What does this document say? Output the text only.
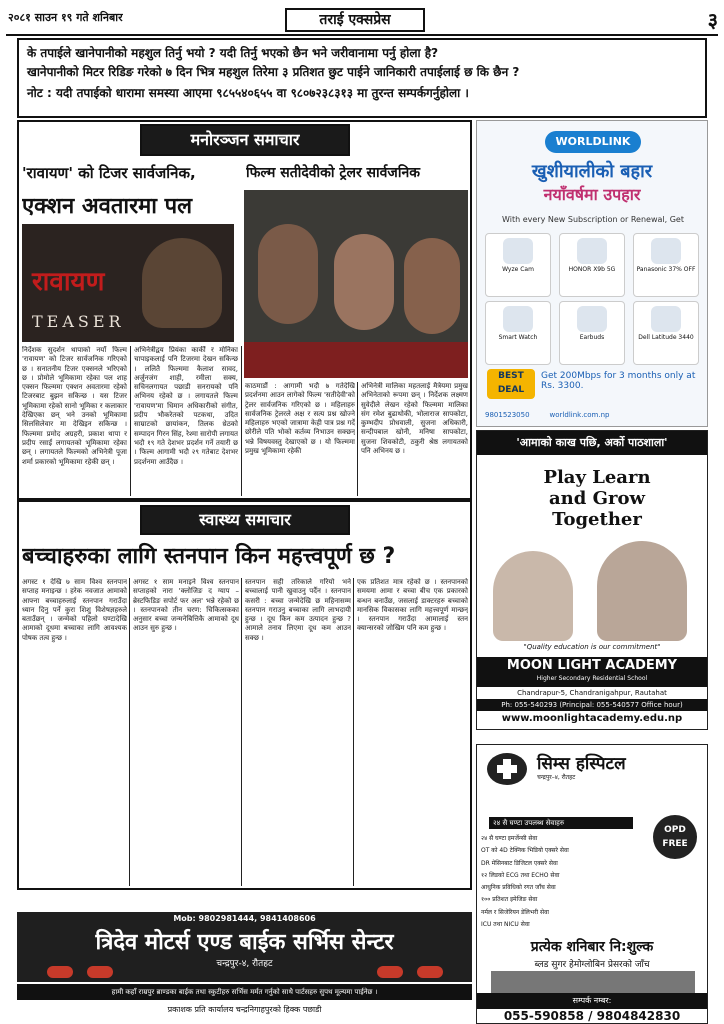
२०८१ साउन १९ गते शनिबार	तराई एक्सप्रेस	३

के तपाईले खानेपानीको महशुल तिर्नु भयो ? यदी तिर्नु भएको छैन भने जरीवानामा पर्नु होला है?

खानेपानीको मिटर रिडिङ गरेको ७ दिन भित्र महशुल तिरेमा ३ प्रतिशत छुट पाईने जानिकारी तपाईलाई छ कि छैन ?

नोट : यदी तपाईको धारामा समस्या आएमा ९८५५४०६५५ वा ९८०७२३८३१३ मा तुरन्त सम्पर्कगर्नुहोला ।

मनोरञ्जन समाचार
'रावायण' को टिजर सार्वजनिक,	फिल्म सतीदेवीको ट्रेलर सार्वजनिक
एक्शन अवतारमा पल
रावायण
TEASER

निर्देशक सुदर्शन थापाको नयाँ फिल्म 'रावायण' को टिजर सार्वजनिक गरिएको छ । सनातनीय टिजर एक्सनले भरिएको छ । प्रोमोले भूमिकामा रहेका पल शाह एक्सन फिल्ममा एक्शन अवतारमा रहेको टिजरबाट बुझन सकिन्छ । यस टिजर भूमिकामा रहेको सानो भूमिका र कलाकार देखिएका छन् भने उनको भूमिकामा सिलसिलेवार मा देखिइन सकिन्छ । फिल्ममा प्रमोद अग्रहरी, प्रकाश थापा र प्रदीप रसाईं लगायतको भूमिकामा रहेका छन् । लगायतले फिल्मको अभिनेत्री पूजा शर्मा प्रकारको भूमिकामा रहेकी छन् ।

अभिनेत्रीद्वय प्रियंका कार्की र मोनिका चापाइकलाई पनि टिजरमा देखन सकिन्छ । ललितै फिल्ममा कैलाश सावद, अर्जुनजंग शाही, रमीला सक्य, सचिनलगायत पछाडी सनरायको पनि अभिनय रहेको छ । लगायतले फिल्म 'रावायण'मा धिमान अधिकारीको संगीत, प्रदीप भौकरेतको पटकथा, उदित साम्राटको छायांकन, तिलक थ्रेठको सम्पादन गिरन सिंह, रेश्मा सारोपी लगायत भदौ १९ गते देशभर प्रदर्शन गर्ने तयारी छ । फिल्म आगामी भदौ २९ गतेबाट देशभर प्रदर्शनमा आउँदैछ ।

काठमाडौं : आगामी भदौ ७ गतेदेखि प्रदर्शनमा आउन लागेको फिल्म 'सतीदेवी'को ट्रेलर सार्वजनिक गरिएको छ । महिलाहरु सार्वजनिक ट्रेलरले अक्ष र सत्य प्रश्न खोज्ने महिलाहरु भएको जात्रामा केही पात्र प्रश्न गर्दे छोरीले पति भोको कर्तव्य निभाउन सक्छन् भन्ने विषयवस्तु देखाएको छ । यो फिल्ममा प्रमुख भूमिकामा रहेकी

अभिनेत्री मालिका महतलाई मैत्रेयमा प्रमुख अभिनेताको रूपमा छन् । निर्देशक लक्ष्मण सुवेदीले लेखन रहेको फिल्ममा मालिका संग रमेश बुढाथोकी, भोलाराज सापकोटा, कुम्भदीप प्रोधवाली, सुजना अधिकारी, सन्दीपबाल खोनी, मनिषा सापकोटा, सुजना शिवकोटी, ठकुरी श्रेष्ठ लगायतको पनि अभिनय छ ।

स्वास्थ्य समाचार
बच्चाहरुका लागि स्तनपान किन महत्त्वपूर्ण छ ?

अगस्ट १ देखि ७ साम विश्व स्तनपान सप्ताह मनाइन्छ । हरेक नवजात आमाको आफ्ना बच्चाहरुलाई स्तनपान गराउँदा ध्यान दिनु पर्ने कुरा शिशु विशेषज्ञहरुले बताउँछन् । जन्मेको पहिलो घण्टादेखि आमाको दूधमा बच्चाका लागि आवश्यक पोषक तत्व हुन्छ ।

अगस्ट १ साम मनाइने विश्व स्तनपान सप्ताहको नारा 'क्लोजिङ द ग्याप – ब्रेस्टफिडिङ सपोर्ट फर अल' भन्ने रहेको छ । स्तनपानको तीन चरण: चिकित्सकका अनुसार बच्चा जन्मनेबित्तिकै आमाको दूध आउन सुरु हुन्छ ।

स्तनपान सही तरिकाले गरियो भने बच्चालाई पानी खुवाउनु पर्दैन । स्तनपान कसरी : बच्चा जन्मेदेखि छ महिनासम्म स्तनपान गराउनु बच्चाका लागि लाभदायी हुन्छ । दूध किन कम उत्पादन हुन्छ ? आमाले तनाव लिएमा दूध कम आउन सक्छ ।

एक प्रतिशत मात्र रहेको छ । स्तनपानको समयमा आमा र बच्चा बीच एक प्रकारको बन्धन बनाउँछ, जसलाई डाक्टरहरु बच्चाको मानसिक विकासका लागि महत्त्वपूर्ण मान्छन् । स्तनपान गराउँदा आमालाई स्तन क्यान्सरको जोखिम पनि कम हुन्छ ।

WORLDLINK
खुशीयालीको बहार
नयाँवर्षमा उपहार
With every New Subscription or Renewal, Get
Wyze Cam	HONOR X9b 5G	Panasonic 37% OFF
Smart Watch	Earbuds	Dell Latitude 3440
BEST DEAL
Get 200Mbps for 3 months only at Rs. 3300.
9801523050	worldlink.com.np
'आमाको काख पछि, अर्को पाठशाला'
Play Learn and Grow Together
"Quality education is our commitment"
MOON LIGHT ACADEMY
Higher Secondary Residential School
Chandrapur-5, Chandranigahpur, Rautahat
Ph: 055-540293 (Principal: 055-540577 Office hour)
www.moonlightacademy.edu.np
सिम्स हस्पिटल
चन्द्रपुर–४, रौतहट
२४ सै घण्टा उपलब्ध सेवाहरु
२४ सै घण्टा इमर्जेन्सी सेवा
OT को 4D टेक्निक भिडियो एक्सरे सेवा
DR मेसिनबाट डिजिटल एक्सरे सेवा
१२ लिडको ECG तथा ECHO सेवा
आधुनिक प्रविधिको रगत जाँच सेवा
१०० प्रतिशत इमेजिङ सेवा
नर्मल र सिजेरियन डेलिभरी सेवा
ICU तथा NICU सेवा
OPD FREE
प्रत्येक शनिबार नि:शुल्क
ब्लड सुगर हेमोग्लोबिन प्रेसरको जाँच
सम्पर्क नम्बर:
055-590858 / 9804842830
Mob: 9802981444, 9841408606
त्रिदेव मोटर्स एण्ड बाईक सर्भिस सेन्टर
चन्द्रपुर-४, रौतहट
हामी कहाँ राम्रपुर ब्राण्डका बाईक तथा स्कुटीहरु सर्भिस मर्मत गर्नुको साथै पार्टसहरु सुपथ मूल्यमा पाईनेछ ।
प्रकाशक प्रति कार्यालय चन्द्रनिगाहपुरको हिक्क पछाडी
